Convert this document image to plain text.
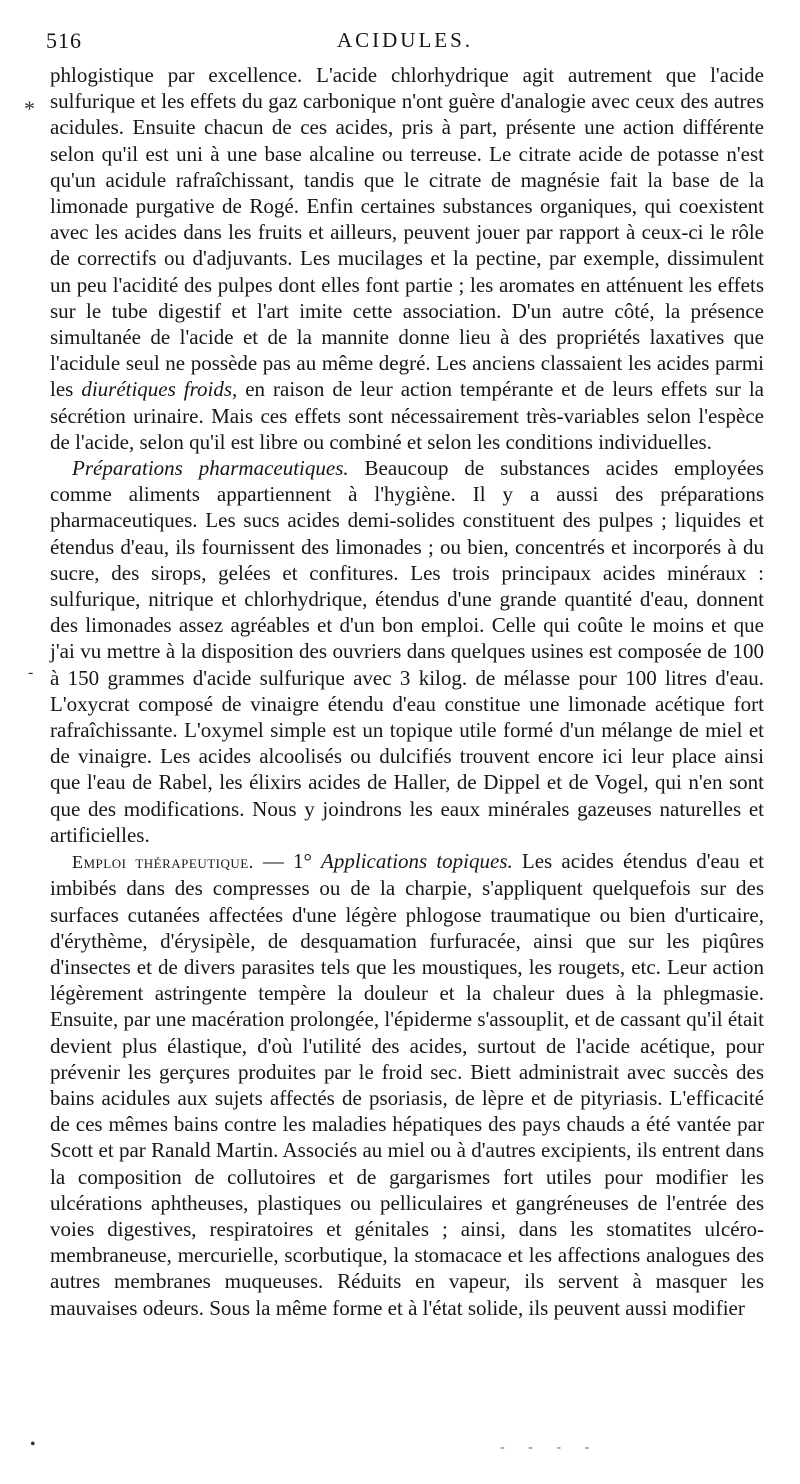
516	ACIDULES.
*
-
•

phlogistique par excellence. L'acide chlorhydrique agit autrement que l'acide sulfurique et les effets du gaz carbonique n'ont guère d'analogie avec ceux des autres acidules. Ensuite chacun de ces acides, pris à part, présente une action différente selon qu'il est uni à une base alcaline ou terreuse. Le citrate acide de potasse n'est qu'un acidule rafraîchissant, tandis que le citrate de magnésie fait la base de la limonade purgative de Rogé. Enfin certaines substances organiques, qui coexistent avec les acides dans les fruits et ailleurs, peuvent jouer par rapport à ceux-ci le rôle de correctifs ou d'adjuvants. Les mucilages et la pectine, par exemple, dissimulent un peu l'acidité des pulpes dont elles font partie ; les aromates en atténuent les effets sur le tube digestif et l'art imite cette association. D'un autre côté, la présence simultanée de l'acide et de la mannite donne lieu à des propriétés laxatives que l'acidule seul ne possède pas au même degré. Les anciens classaient les acides parmi les diurétiques froids, en raison de leur action tempérante et de leurs effets sur la sécrétion urinaire. Mais ces effets sont nécessairement très-variables selon l'espèce de l'acide, selon qu'il est libre ou combiné et selon les conditions individuelles.

Préparations pharmaceutiques. Beaucoup de substances acides employées comme aliments appartiennent à l'hygiène. Il y a aussi des préparations pharmaceutiques. Les sucs acides demi-solides constituent des pulpes ; liquides et étendus d'eau, ils fournissent des limonades ; ou bien, concentrés et incorporés à du sucre, des sirops, gelées et confitures. Les trois principaux acides minéraux : sulfurique, nitrique et chlorhydrique, étendus d'une grande quantité d'eau, donnent des limonades assez agréables et d'un bon emploi. Celle qui coûte le moins et que j'ai vu mettre à la disposition des ouvriers dans quelques usines est composée de 100 à 150 grammes d'acide sulfurique avec 3 kilog. de mélasse pour 100 litres d'eau. L'oxycrat composé de vinaigre étendu d'eau constitue une limonade acétique fort rafraîchissante. L'oxymel simple est un topique utile formé d'un mélange de miel et de vinaigre. Les acides alcoolisés ou dulcifiés trouvent encore ici leur place ainsi que l'eau de Rabel, les élixirs acides de Haller, de Dippel et de Vogel, qui n'en sont que des modifications. Nous y joindrons les eaux minérales gazeuses naturelles et artificielles.

Emploi thérapeutique. — 1° Applications topiques. Les acides étendus d'eau et imbibés dans des compresses ou de la charpie, s'appliquent quelquefois sur des surfaces cutanées affectées d'une légère phlogose traumatique ou bien d'urticaire, d'érythème, d'érysipèle, de desquamation furfuracée, ainsi que sur les piqûres d'insectes et de divers parasites tels que les moustiques, les rougets, etc. Leur action légèrement astringente tempère la douleur et la chaleur dues à la phlegmasie. Ensuite, par une macération prolongée, l'épiderme s'assouplit, et de cassant qu'il était devient plus élastique, d'où l'utilité des acides, surtout de l'acide acétique, pour prévenir les gerçures produites par le froid sec. Biett administrait avec succès des bains acidules aux sujets affectés de psoriasis, de lèpre et de pityriasis. L'efficacité de ces mêmes bains contre les maladies hépatiques des pays chauds a été vantée par Scott et par Ranald Martin. Associés au miel ou à d'autres excipients, ils entrent dans la composition de collutoires et de gargarismes fort utiles pour modifier les ulcérations aphtheuses, plastiques ou pelliculaires et gangréneuses de l'entrée des voies digestives, respiratoires et génitales ; ainsi, dans les stomatites ulcéro-membraneuse, mercurielle, scorbutique, la stomacace et les affections analogues des autres membranes muqueuses. Réduits en vapeur, ils servent à masquer les mauvaises odeurs. Sous la même forme et à l'état solide, ils peuvent aussi modifier

- - - -
